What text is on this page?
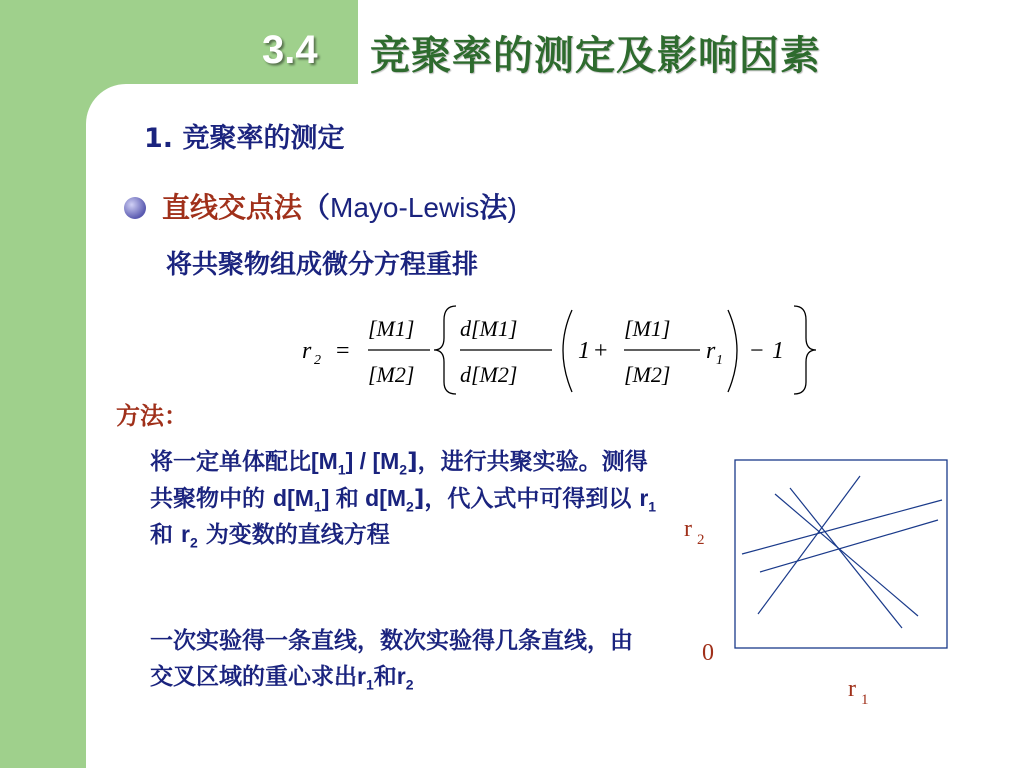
3.4 竞聚率的测定及影响因素
1. 竞聚率的测定
直线交点法（Mayo-Lewis法)
将共聚物组成微分方程重排
r 2 =
[M1]
[M2]
d[M1]
d[M2]
1 +
[M1]
[M2]
r 1 − 1
方法：
将一定单体配比$[M_1] / [M_2]$，进行共聚实验。测得共聚物中的 $d[M_1]$ 和 $d[M_2]$，代入式中可得到以 $r_1$和 $r_2$ 为变数的直线方程
一次实验得一条直线，数次实验得几条直线，由交叉区域的重心求出$r_1$和$r_2$
r 2
0
r 1
